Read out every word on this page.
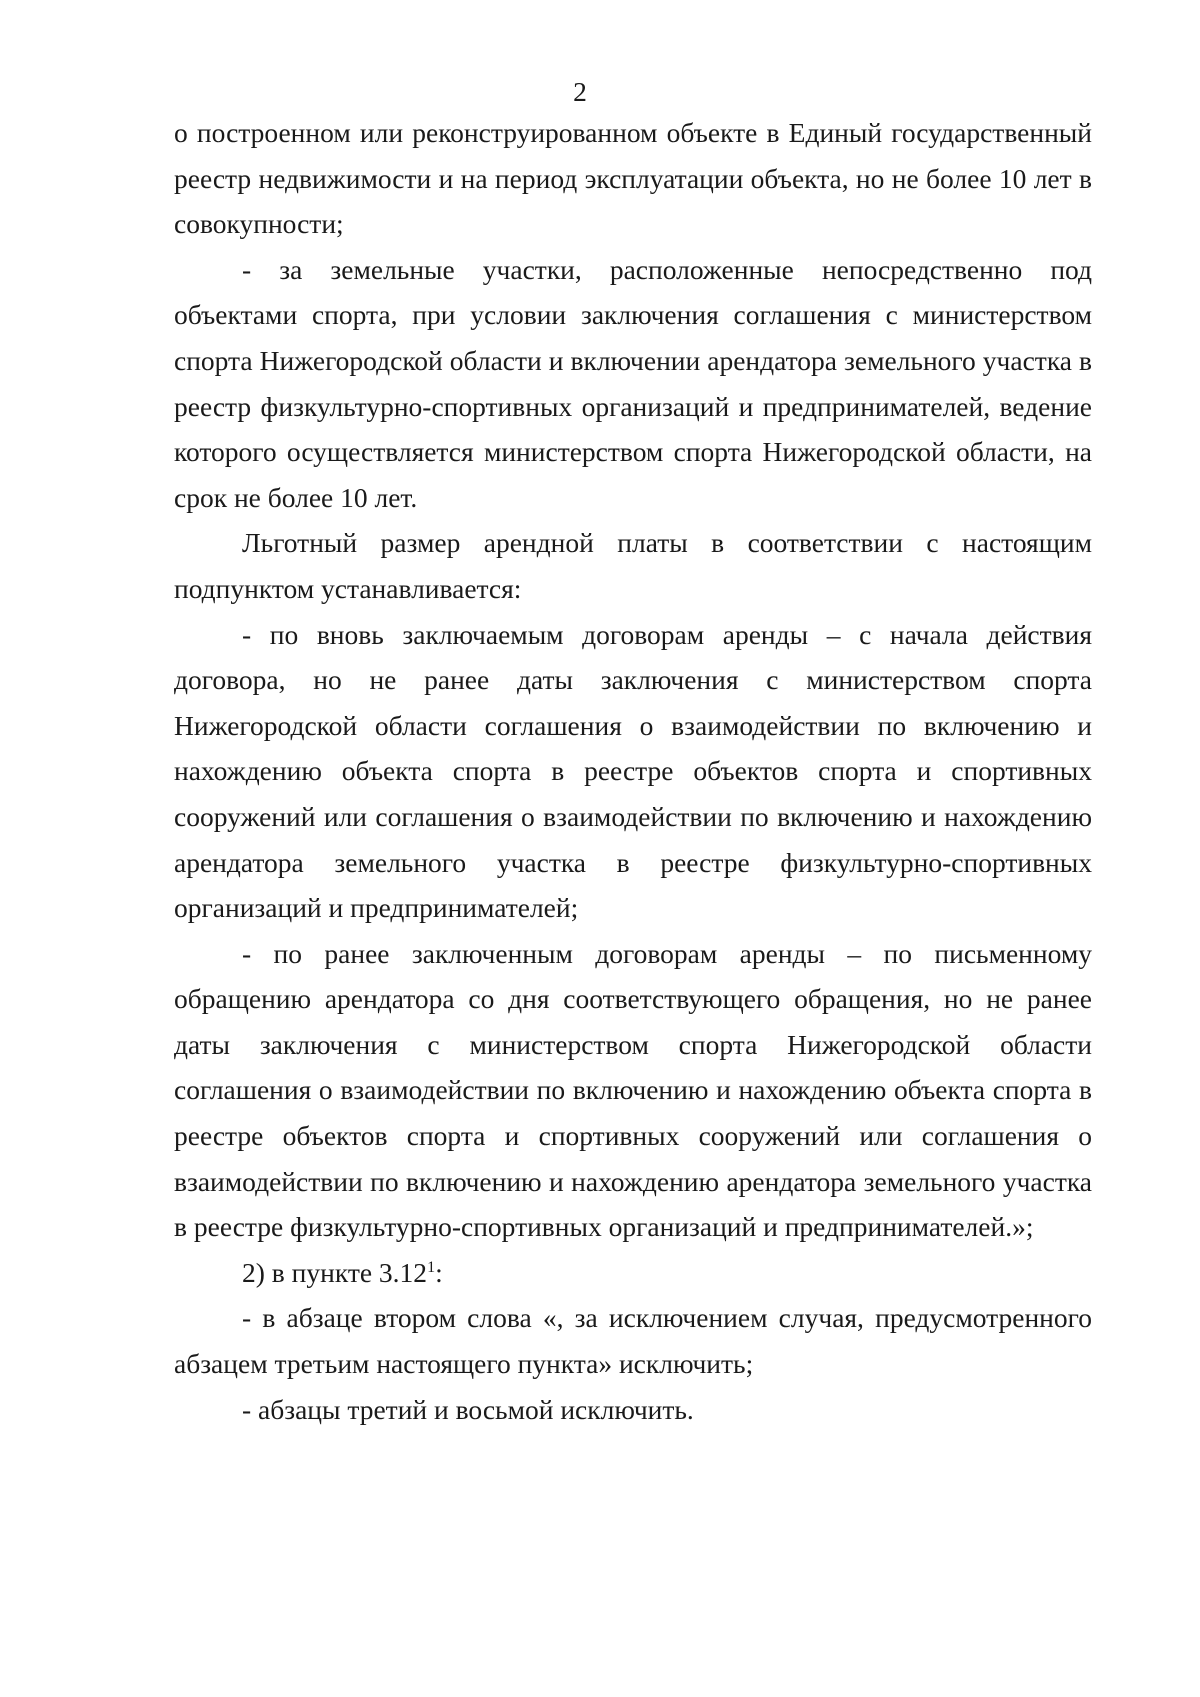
2

о построенном или реконструированном объекте в Единый государственный реестр недвижимости и на период эксплуатации объекта, но не более 10 лет в совокупности;

- за земельные участки, расположенные непосредственно под объектами спорта, при условии заключения соглашения с министерством спорта Нижегородской области и включении арендатора земельного участка в реестр физкультурно-спортивных организаций и предпринимателей, ведение которого осуществляется министерством спорта Нижегородской области, на срок не более 10 лет.

Льготный размер арендной платы в соответствии с настоящим подпунктом устанавливается:

- по вновь заключаемым договорам аренды – с начала действия договора, но не ранее даты заключения с министерством спорта Нижегородской области соглашения о взаимодействии по включению и нахождению объекта спорта в реестре объектов спорта и спортивных сооружений или соглашения о взаимодействии по включению и нахождению арендатора земельного участка в реестре физкультурно-спортивных организаций и предпринимателей;

- по ранее заключенным договорам аренды – по письменному обращению арендатора со дня соответствующего обращения, но не ранее даты заключения с министерством спорта Нижегородской области соглашения о взаимодействии по включению и нахождению объекта спорта в реестре объектов спорта и спортивных сооружений или соглашения о взаимодействии по включению и нахождению арендатора земельного участка в реестре физкультурно-спортивных организаций и предпринимателей.»;

2) в пункте 3.12$^1$:

- в абзаце втором слова «, за исключением случая, предусмотренного абзацем третьим настоящего пункта» исключить;

- абзацы третий и восьмой исключить.
